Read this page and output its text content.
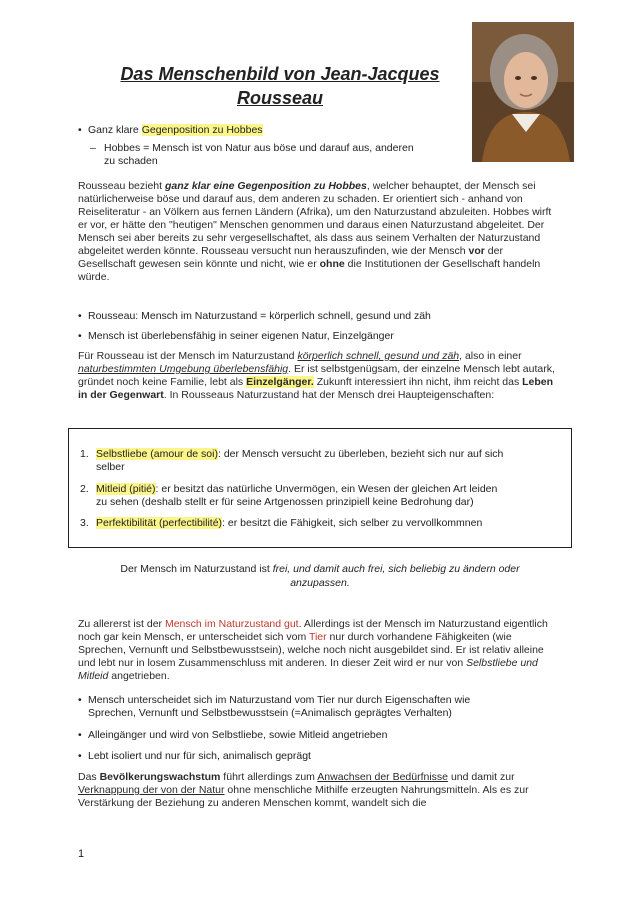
Das Menschenbild von Jean-Jacques
Rousseau
• Ganz klare Gegenposition zu Hobbes
– Hobbes = Mensch ist von Natur aus böse und darauf aus, anderen
zu schaden

Rousseau bezieht ganz klar eine Gegenposition zu Hobbes, welcher behauptet, der Mensch sei natürlicherweise böse und darauf aus, dem anderen zu schaden. Er orientiert sich - anhand von Reiseliteratur - an Völkern aus fernen Ländern (Afrika), um den Naturzustand abzuleiten. Hobbes wirft er vor, er hätte den "heutigen" Menschen genommen und daraus einen Naturzustand abgeleitet. Der Mensch sei aber bereits zu sehr vergesellschaftet, als dass aus seinem Verhalten der Naturzustand abgeleitet werden könnte. Rousseau versucht nun herauszufinden, wie der Mensch vor der Gesellschaft gewesen sein könnte und nicht, wie er ohne die Institutionen der Gesellschaft handeln würde.

• Rousseau: Mensch im Naturzustand = körperlich schnell, gesund und zäh
• Mensch ist überlebensfähig in seiner eigenen Natur, Einzelgänger

Für Rousseau ist der Mensch im Naturzustand körperlich schnell, gesund und zäh, also in einer naturbestimmten Umgebung überlebensfähig. Er ist selbstgenügsam, der einzelne Mensch lebt autark, gründet noch keine Familie, lebt als Einzelgänger. Zukunft interessiert ihn nicht, ihm reicht das Leben in der Gegenwart. In Rousseaus Naturzustand hat der Mensch drei Haupteigenschaften:

1. Selbstliebe (amour de soi): der Mensch versucht zu überleben, bezieht sich nur auf sich
selber
2. Mitleid (pitié): er besitzt das natürliche Unvermögen, ein Wesen der gleichen Art leiden
zu sehen (deshalb stellt er für seine Artgenossen prinzipiell keine Bedrohung dar)
3. Perfektibilität (perfectibilité): er besitzt die Fähigkeit, sich selber zu vervollkommnen
Der Mensch im Naturzustand ist frei, und damit auch frei, sich beliebig zu ändern oder
anzupassen.

Zu allererst ist der Mensch im Naturzustand gut. Allerdings ist der Mensch im Naturzustand eigentlich noch gar kein Mensch, er unterscheidet sich vom Tier nur durch vorhandene Fähigkeiten (wie Sprechen, Vernunft und Selbstbewusstsein), welche noch nicht ausgebildet sind. Er ist relativ alleine und lebt nur in losem Zusammenschluss mit anderen. In dieser Zeit wird er nur von Selbstliebe und Mitleid angetrieben.

• Mensch unterscheidet sich im Naturzustand vom Tier nur durch Eigenschaften wie
Sprechen, Vernunft und Selbstbewusstsein (=Animalisch geprägtes Verhalten)
• Alleingänger und wird von Selbstliebe, sowie Mitleid angetrieben
• Lebt isoliert und nur für sich, animalisch geprägt

Das Bevölkerungswachstum führt allerdings zum Anwachsen der Bedürfnisse und damit zur Verknappung der von der Natur ohne menschliche Mithilfe erzeugten Nahrungsmitteln. Als es zur Verstärkung der Beziehung zu anderen Menschen kommt, wandelt sich die

1
